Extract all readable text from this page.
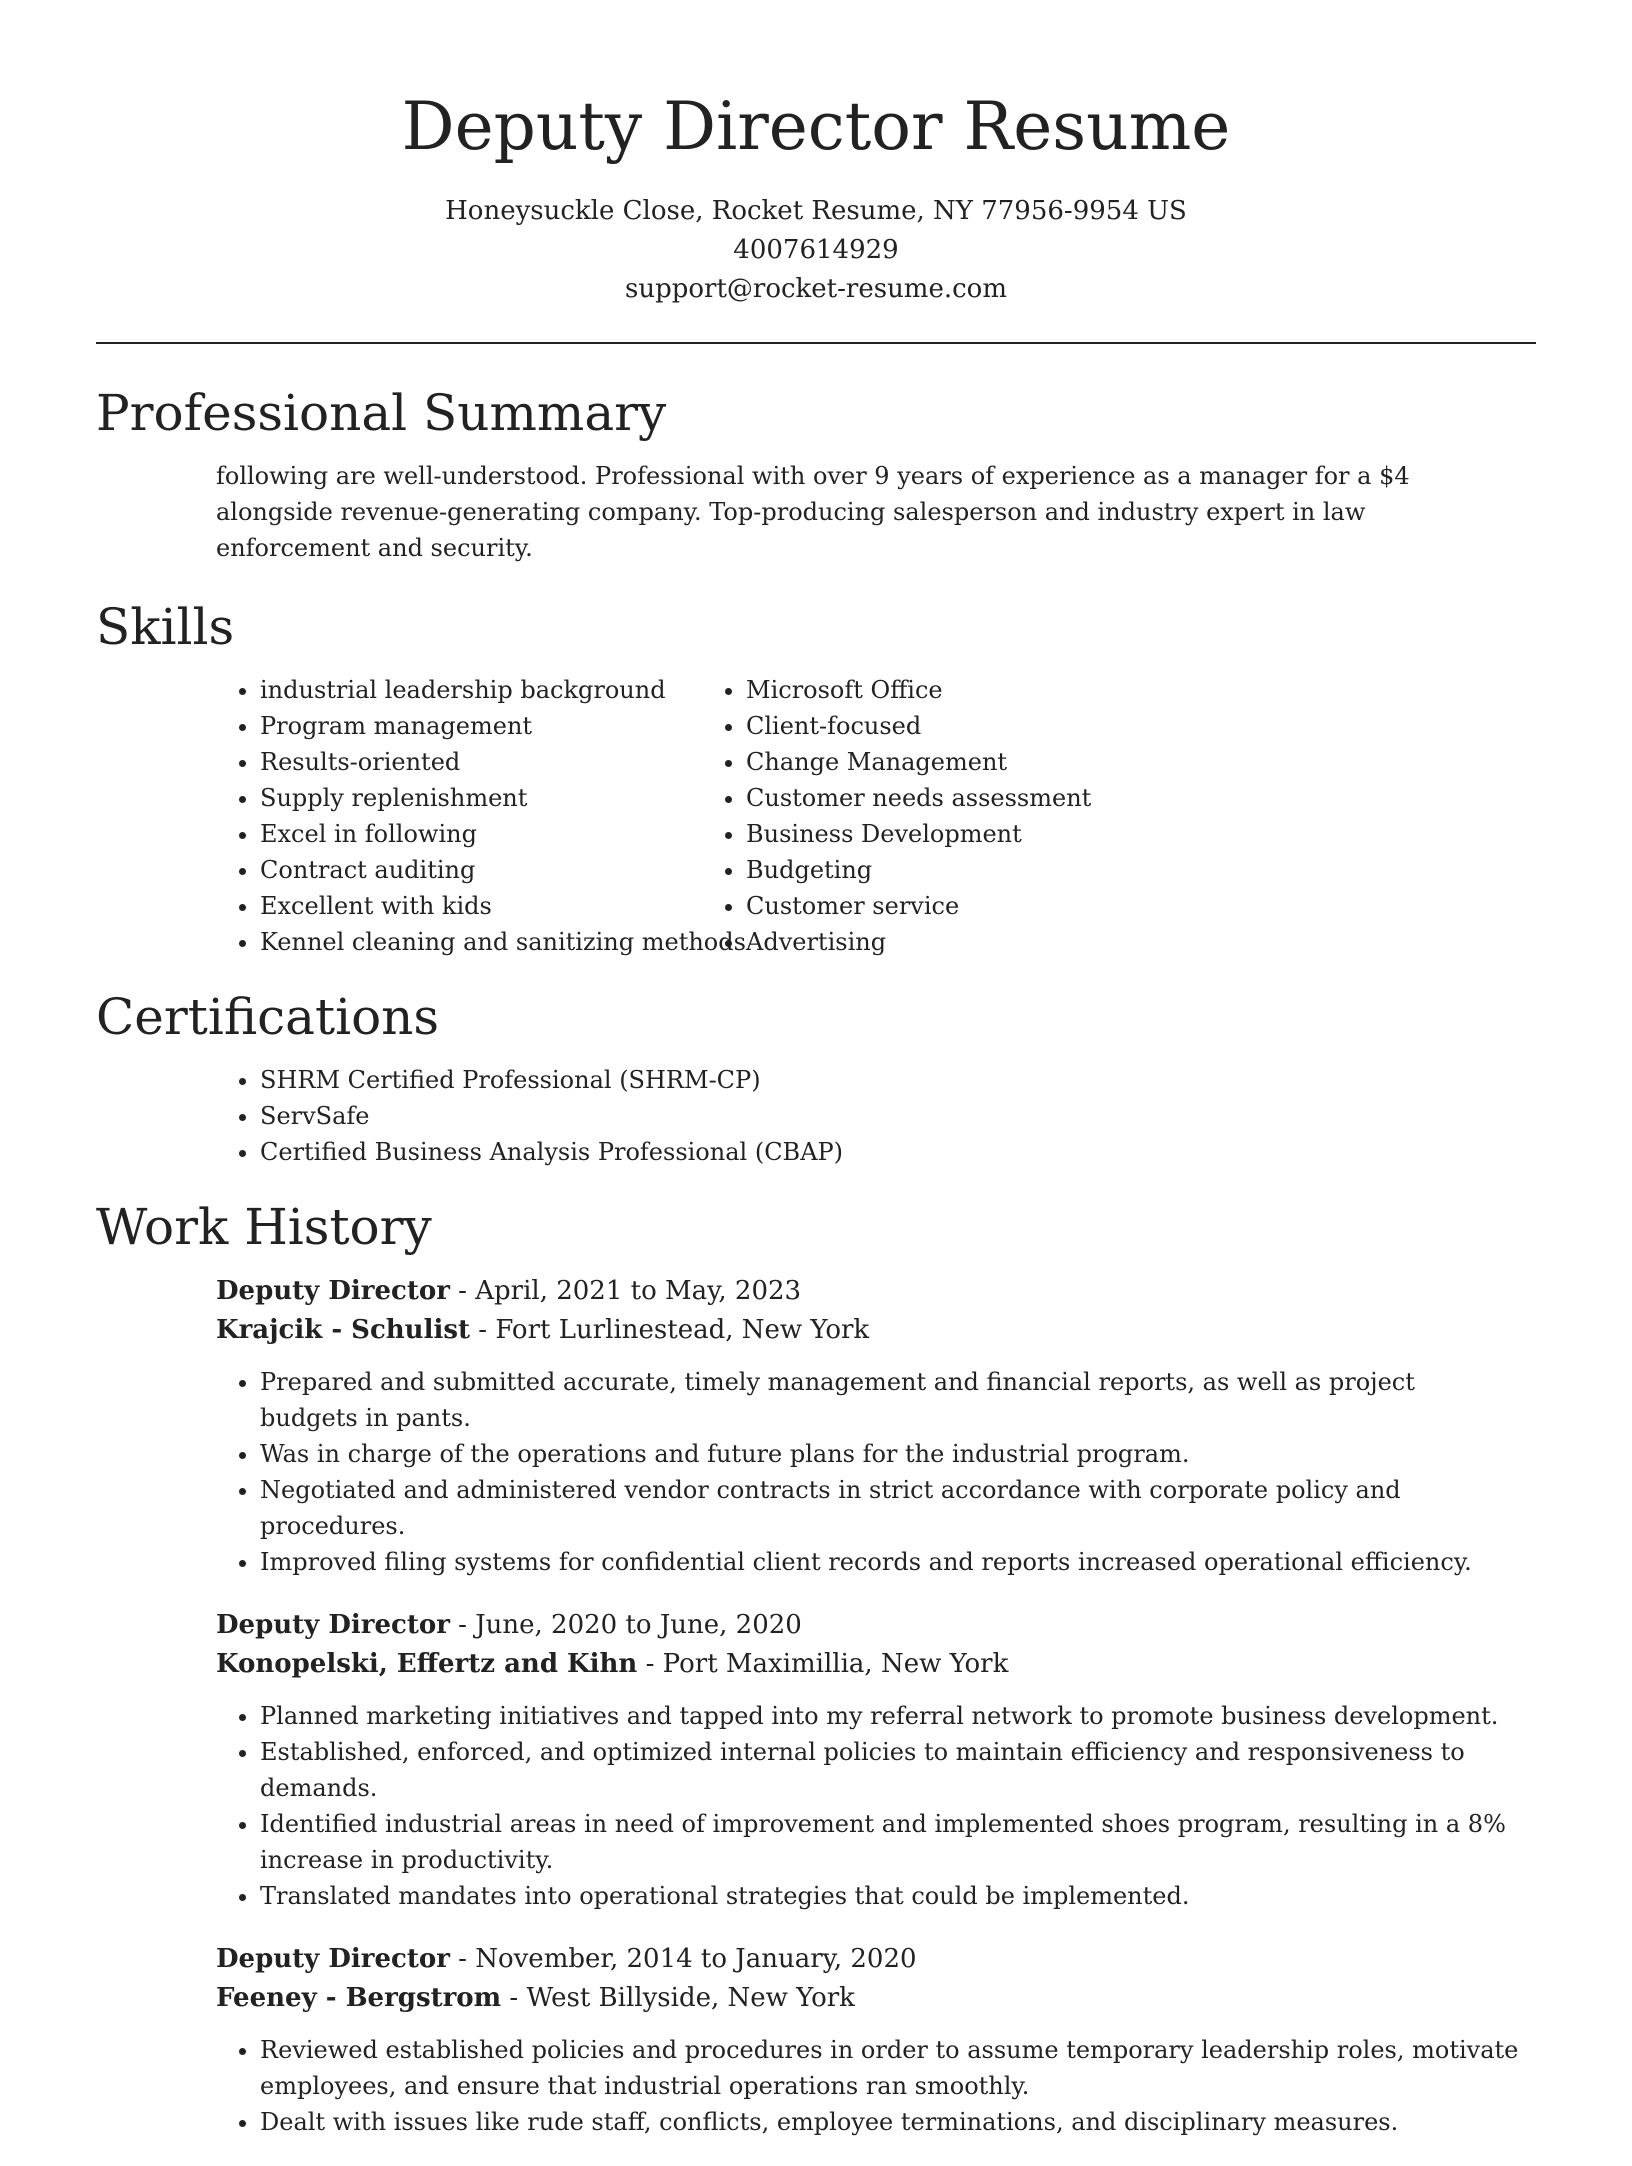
Deputy Director Resume

Honeysuckle Close, Rocket Resume, NY 77956-9954 US

4007614929

support@rocket-resume.com

Professional Summary

following are well-understood. Professional with over 9 years of experience as a manager for a $4 alongside revenue-generating company. Top-producing salesperson and industry expert in law enforcement and security.

Skills
• industrial leadership background
• Program management
• Results-oriented
• Supply replenishment
• Excel in following
• Contract auditing
• Excellent with kids
• Kennel cleaning and sanitizing methods
• Microsoft Office
• Client-focused
• Change Management
• Customer needs assessment
• Business Development
• Budgeting
• Customer service
• Advertising
Certifications
• SHRM Certified Professional (SHRM-CP)
• ServSafe
• Certified Business Analysis Professional (CBAP)
Work History

Deputy Director - April, 2021 to May, 2023

Krajcik - Schulist - Fort Lurlinestead, New York

• Prepared and submitted accurate, timely management and financial reports, as well as project budgets in pants.
• Was in charge of the operations and future plans for the industrial program.
• Negotiated and administered vendor contracts in strict accordance with corporate policy and procedures.
• Improved filing systems for confidential client records and reports increased operational efficiency.

Deputy Director - June, 2020 to June, 2020

Konopelski, Effertz and Kihn - Port Maximillia, New York

• Planned marketing initiatives and tapped into my referral network to promote business development.
• Established, enforced, and optimized internal policies to maintain efficiency and responsiveness to demands.
• Identified industrial areas in need of improvement and implemented shoes program, resulting in a 8% increase in productivity.
• Translated mandates into operational strategies that could be implemented.

Deputy Director - November, 2014 to January, 2020

Feeney - Bergstrom - West Billyside, New York

• Reviewed established policies and procedures in order to assume temporary leadership roles, motivate employees, and ensure that industrial operations ran smoothly.
• Dealt with issues like rude staff, conflicts, employee terminations, and disciplinary measures.
